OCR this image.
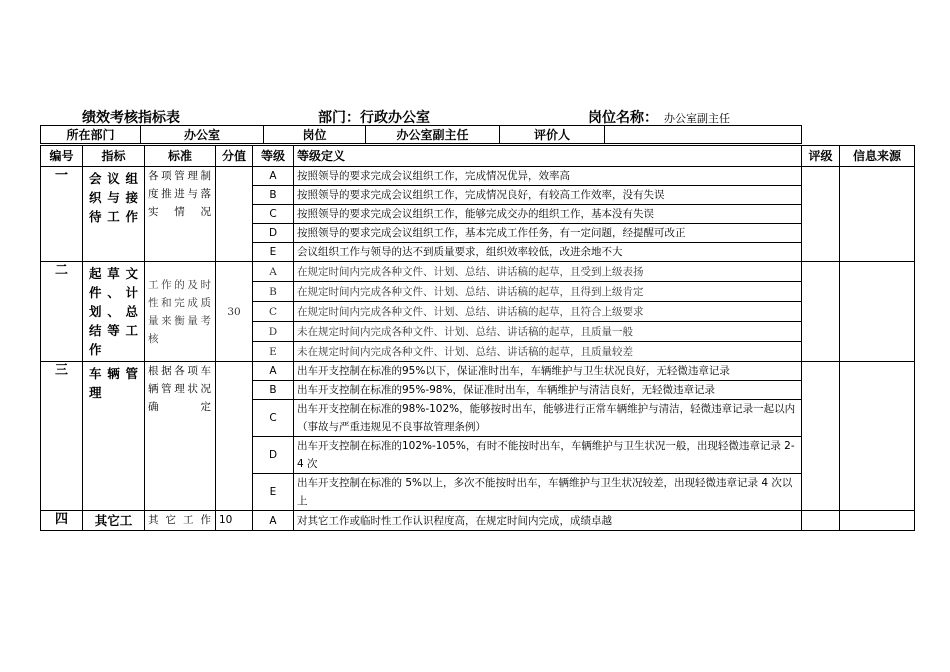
绩效考核指标表	部门：行政办公室	岗位名称： 办公室副主任
所在部门	办公室	岗位	办公室副主任	评价人	
编号	指标	标准	分值	等级	等级定义	评级	信息来源
一	会议组织与接待工作	各项管理制度推进与落实情况		A	按照领导的要求完成会议组织工作，完成情况优异，效率高		
				B	按照领导的要求完成会议组织工作，完成情况良好，有较高工作效率，没有失误		
				C	按照领导的要求完成会议组织工作，能够完成交办的组织工作，基本没有失误		
				D	按照领导的要求完成会议组织工作，基本完成工作任务，有一定问题，经提醒可改正		
				E	会议组织工作与领导的达不到质量要求，组织效率较低，改进余地不大		
二	起草文件、计划、总结等工作	工作的及时性和完成质量来衡量考核	30	A	在规定时间内完成各种文件、计划、总结、讲话稿的起草，且受到上级表扬		
				B	在规定时间内完成各种文件、计划、总结、讲话稿的起草，且得到上级肯定		
				C	在规定时间内完成各种文件、计划、总结、讲话稿的起草，且符合上级要求		
				D	未在规定时间内完成各种文件、计划、总结、讲话稿的起草，且质量一般		
				E	未在规定时间内完成各种文件、计划、总结、讲话稿的起草，且质量较差		
三	车辆管理	根据各项车辆管理状况确定		A	出车开支控制在标准的95%以下，保证准时出车，车辆维护与卫生状况良好，无轻微违章记录		
				B	出车开支控制在标准的95%-98%，保证准时出车，车辆维护与清洁良好，无轻微违章记录		
				C	出车开支控制在标准的98%-102%，能够按时出车，能够进行正常车辆维护与清洁，轻微违章记录一起以内（事故与严重违规见不良事故管理条例）		
				D	出车开支控制在标准的102%-105%，有时不能按时出车，车辆维护与卫生状况一般，出现轻微违章记录 2-4 次		
				E	出车开支控制在标准的 5%以上，多次不能按时出车，车辆维护与卫生状况较差，出现轻微违章记录 4 次以上		
四	其它工	其它工作	10	A	对其它工作或临时性工作认识程度高，在规定时间内完成，成绩卓越		
